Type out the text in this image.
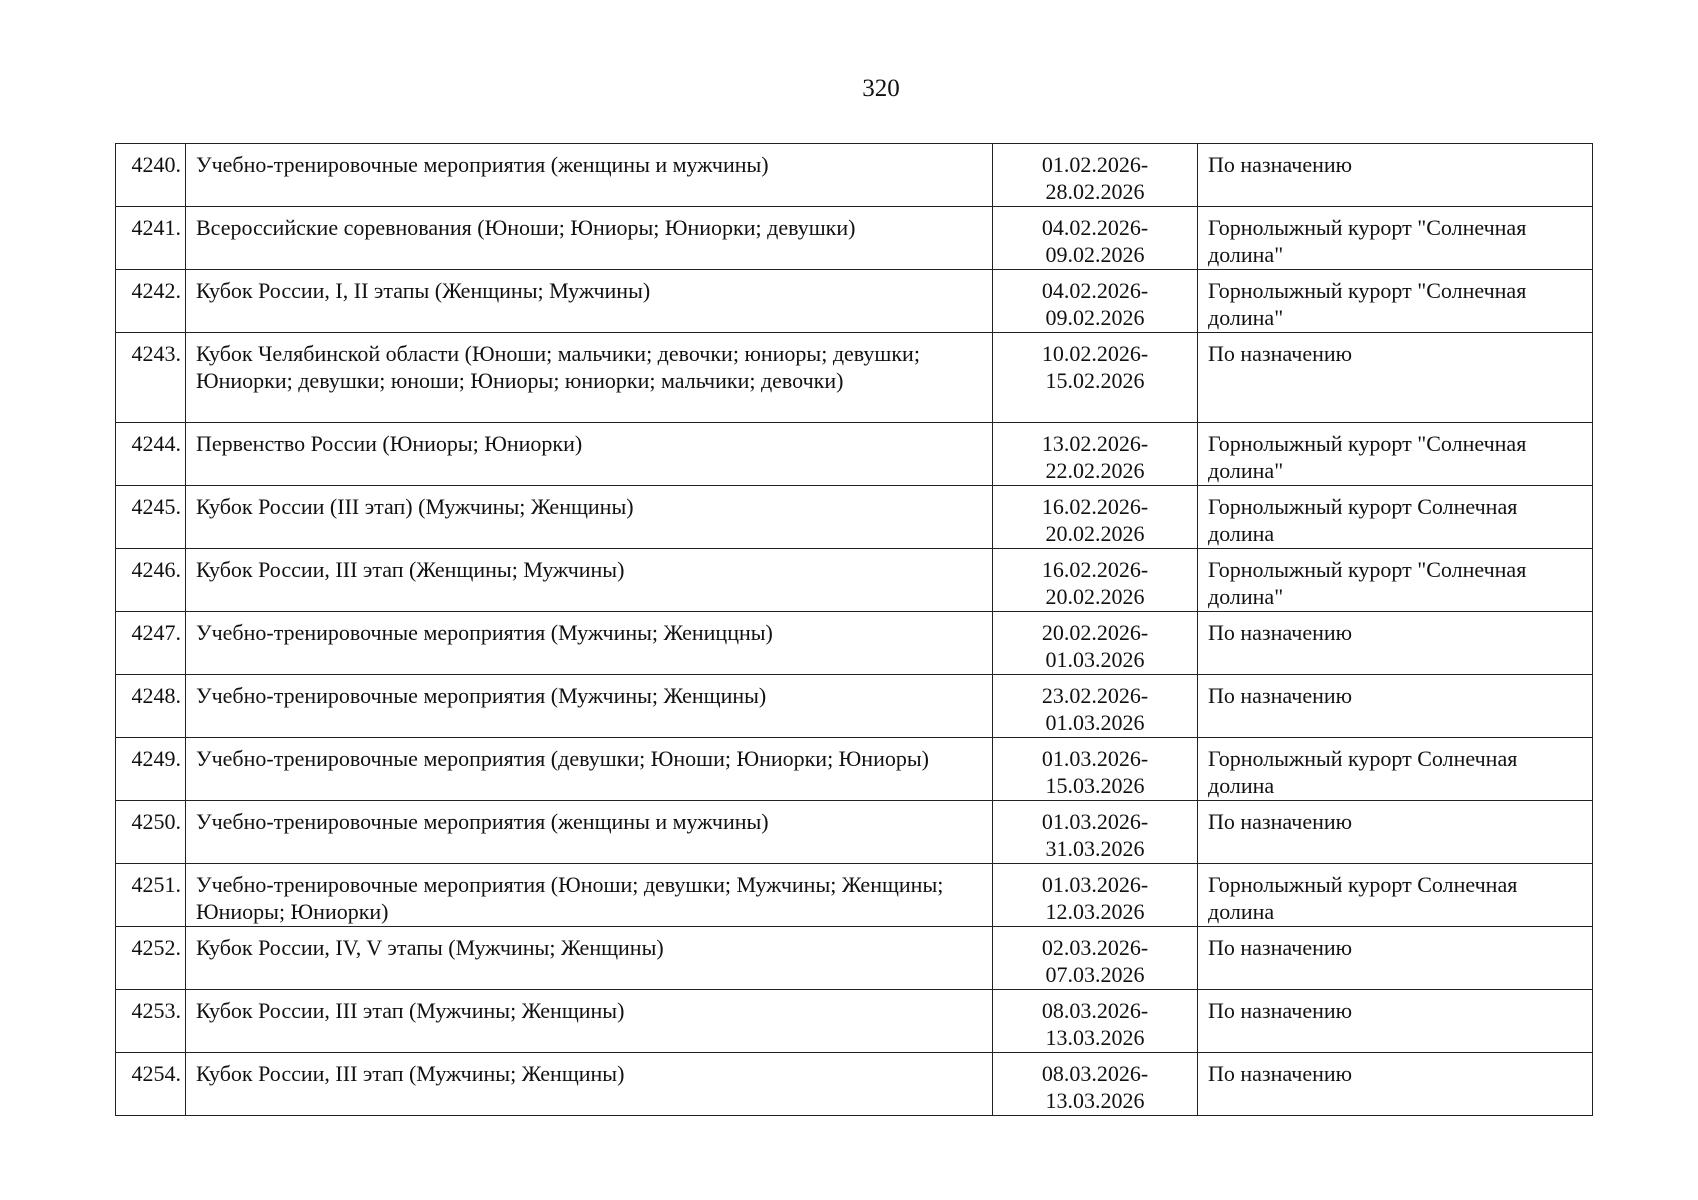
320
4240.	Учебно-тренировочные мероприятия (женщины и мужчины)	01.02.2026-
28.02.2026	По назначению
4241.	Всероссийские соревнования (Юноши; Юниоры; Юниорки; девушки)	04.02.2026-
09.02.2026	Горнолыжный курорт "Солнечная долина"
4242.	Кубок России, I, II этапы (Женщины; Мужчины)	04.02.2026-
09.02.2026	Горнолыжный курорт "Солнечная долина"
4243.	Кубок Челябинской области (Юноши; мальчики; девочки; юниоры; девушки; Юниорки; девушки; юноши; Юниоры; юниорки; мальчики; девочки)	10.02.2026-
15.02.2026	По назначению
4244.	Первенство России (Юниоры; Юниорки)	13.02.2026-
22.02.2026	Горнолыжный курорт "Солнечная долина"
4245.	Кубок России (III этап) (Мужчины; Женщины)	16.02.2026-
20.02.2026	Горнолыжный курорт Солнечная долина
4246.	Кубок России, III этап (Женщины; Мужчины)	16.02.2026-
20.02.2026	Горнолыжный курорт "Солнечная долина"
4247.	Учебно-тренировочные мероприятия (Мужчины; Жениццны)	20.02.2026-
01.03.2026	По назначению
4248.	Учебно-тренировочные мероприятия (Мужчины; Женщины)	23.02.2026-
01.03.2026	По назначению
4249.	Учебно-тренировочные мероприятия (девушки; Юноши; Юниорки; Юниоры)	01.03.2026-
15.03.2026	Горнолыжный курорт Солнечная долина
4250.	Учебно-тренировочные мероприятия (женщины и мужчины)	01.03.2026-
31.03.2026	По назначению
4251.	Учебно-тренировочные мероприятия (Юноши; девушки; Мужчины; Женщины; Юниоры; Юниорки)	01.03.2026-
12.03.2026	Горнолыжный курорт Солнечная долина
4252.	Кубок России, IV, V этапы (Мужчины; Женщины)	02.03.2026-
07.03.2026	По назначению
4253.	Кубок России, III этап (Мужчины; Женщины)	08.03.2026-
13.03.2026	По назначению
4254.	Кубок России, III этап (Мужчины; Женщины)	08.03.2026-
13.03.2026	По назначению
